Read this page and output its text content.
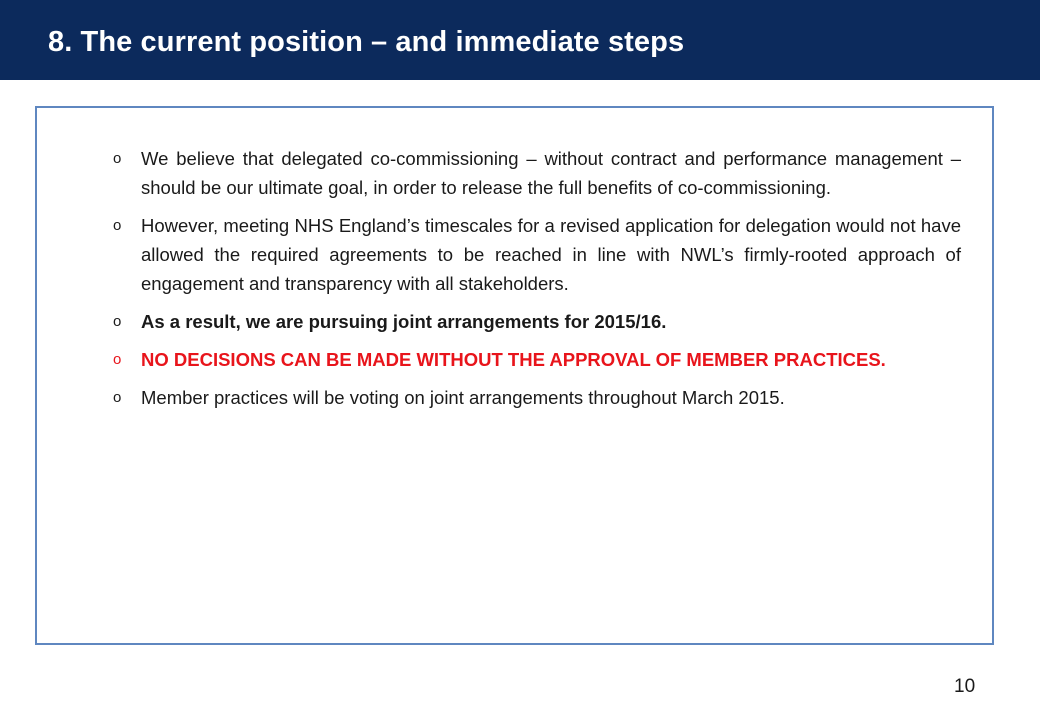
8. The current position – and immediate steps
o We believe that delegated co-commissioning – without contract and performance management – should be our ultimate goal, in order to release the full benefits of co-commissioning.
o However, meeting NHS England’s timescales for a revised application for delegation would not have allowed the required agreements to be reached in line with NWL’s firmly-rooted approach of engagement and transparency with all stakeholders.
o As a result, we are pursuing joint arrangements for 2015/16.
o NO DECISIONS CAN BE MADE WITHOUT THE APPROVAL OF MEMBER PRACTICES.
o Member practices will be voting on joint arrangements throughout March 2015.
10
